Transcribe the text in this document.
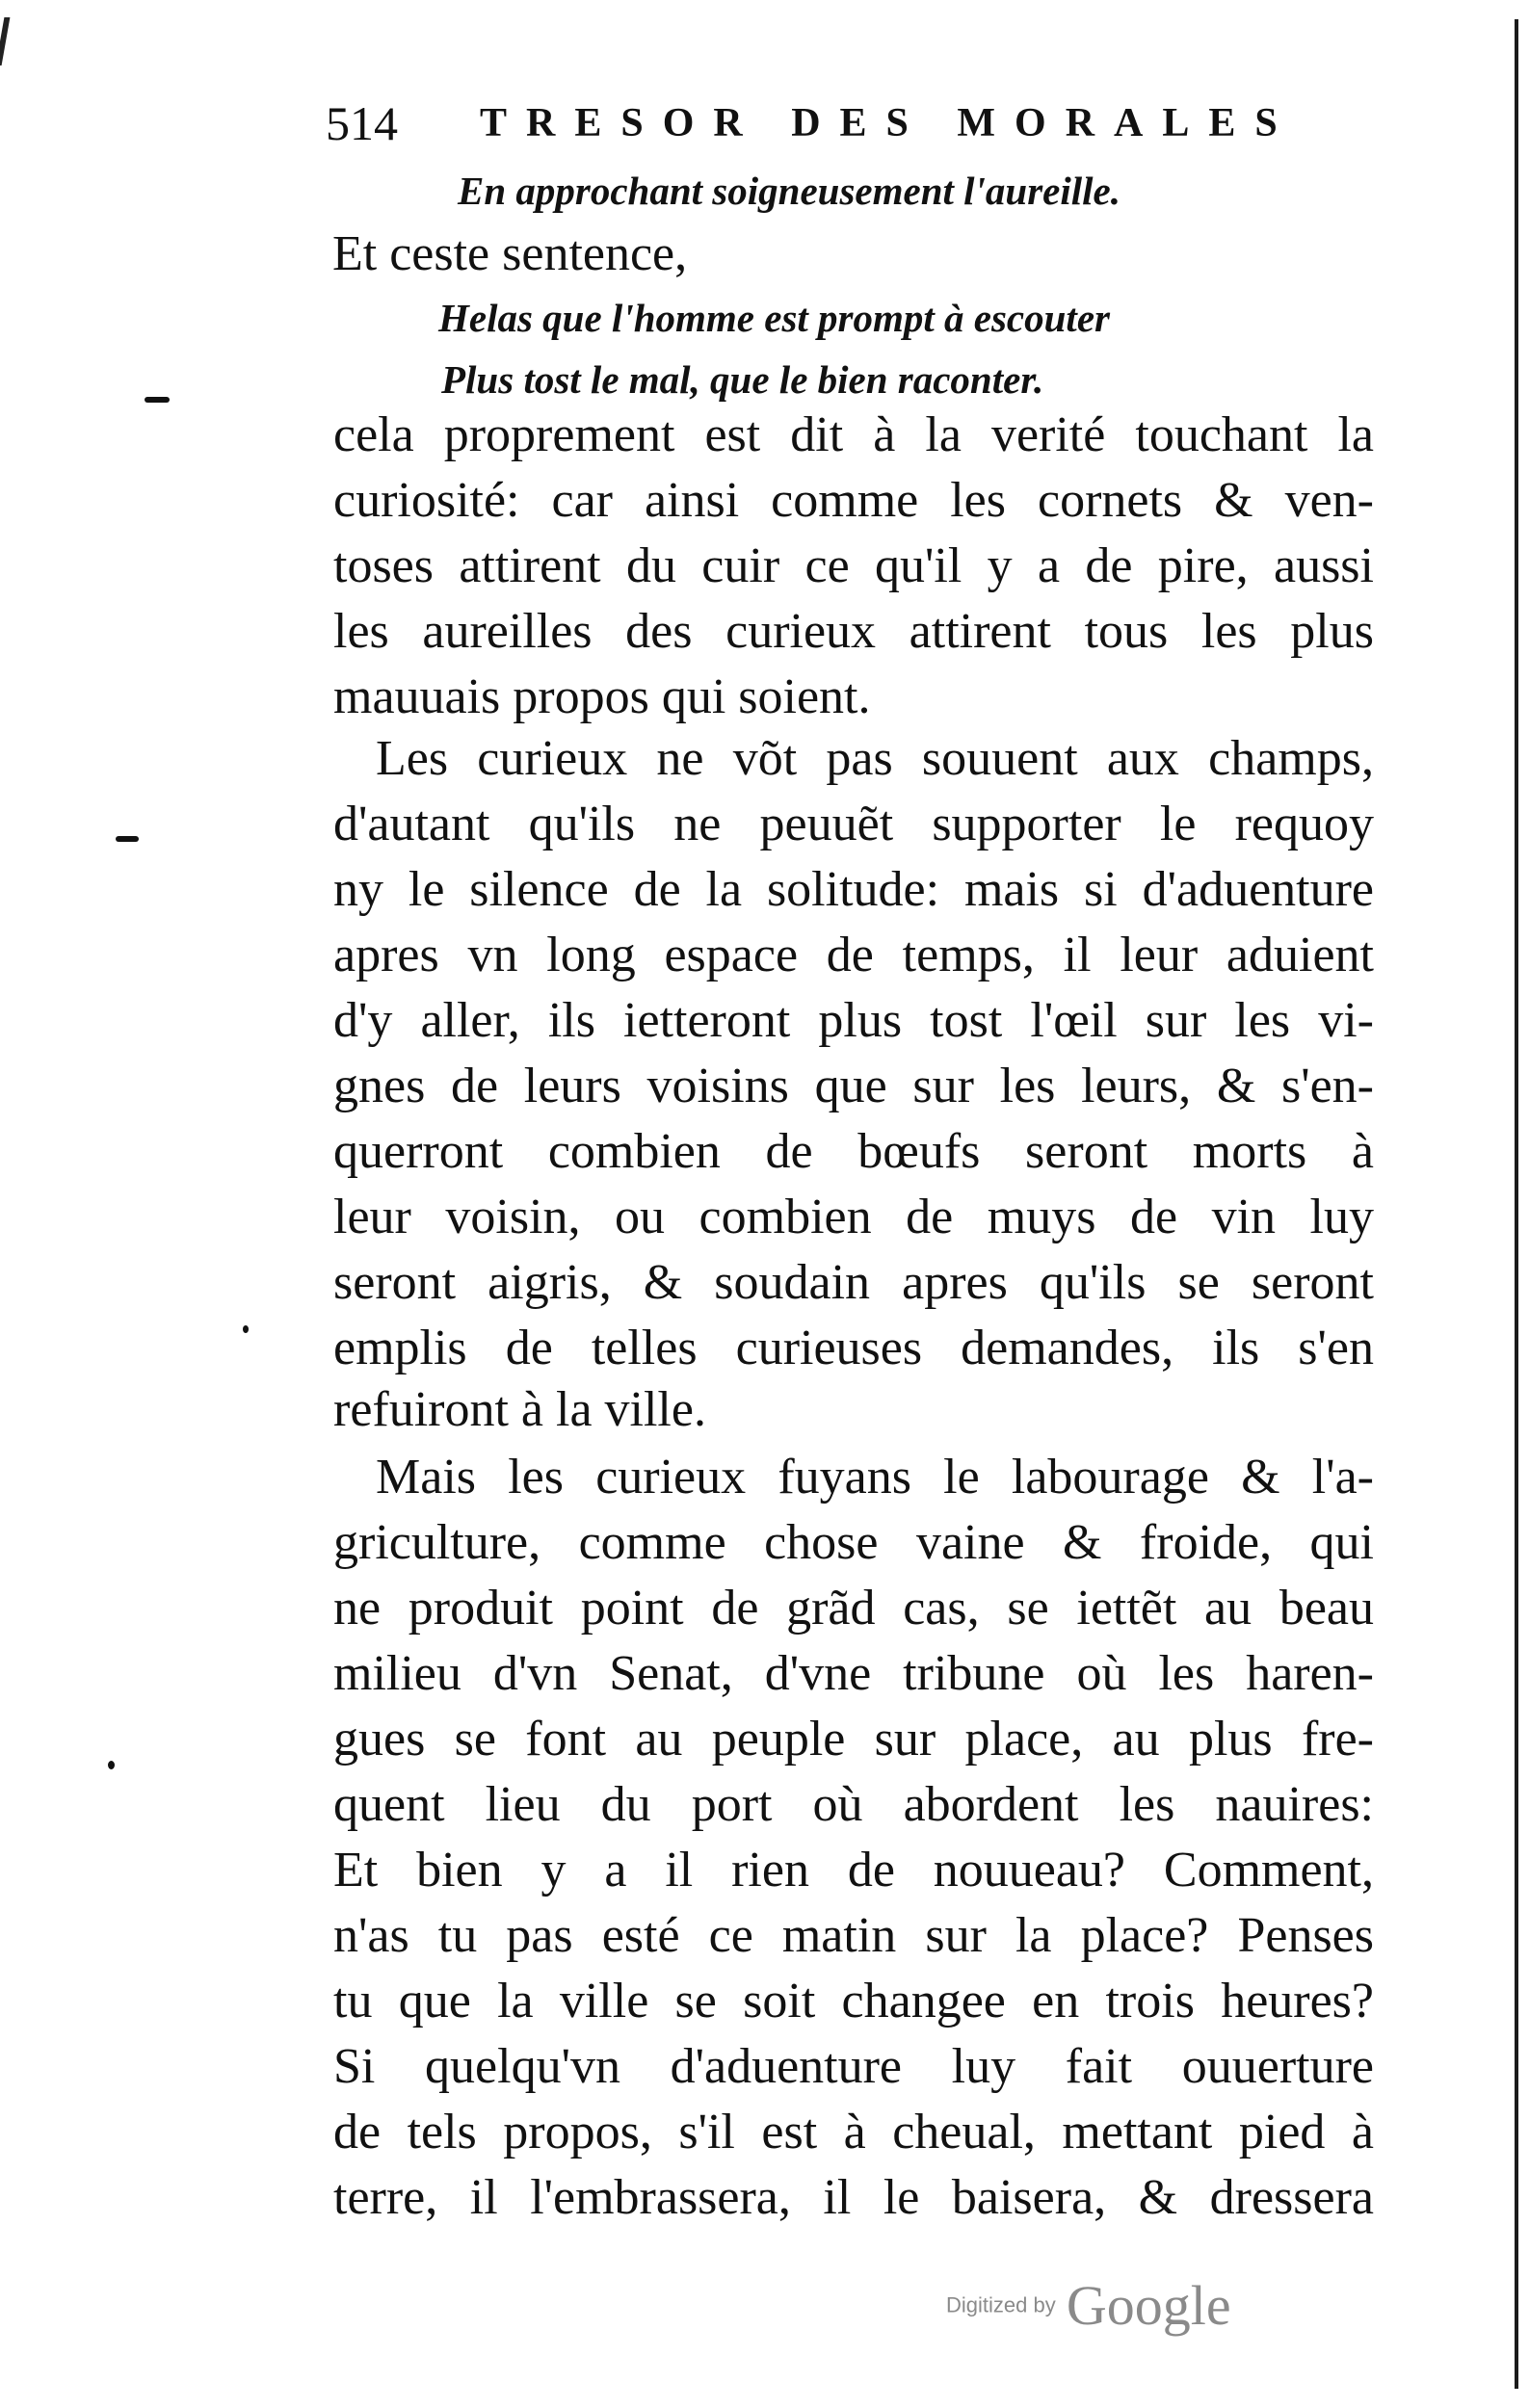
514 TRESOR DES MORALES
En approchant soigneusement l'aureille.
Et ceste sentence,
Helas que l'homme est prompt à escouter
Plus tost le mal, que le bien raconter.
cela proprement est dit à la verité touchant la
curiosité: car ainsi comme les cornets & ven-
toses attirent du cuir ce qu'il y a de pire, aussi
les aureilles des curieux attirent tous les plus
mauuais propos qui soient.
Les curieux ne võt pas souuent aux champs,
d'autant qu'ils ne peuuẽt supporter le requoy
ny le silence de la solitude: mais si d'aduenture
apres vn long espace de temps, il leur aduient
d'y aller, ils ietteront plus tost l'œil sur les vi-
gnes de leurs voisins que sur les leurs, & s'en-
querront combien de bœufs seront morts à
leur voisin, ou combien de muys de vin luy
seront aigris, & soudain apres qu'ils se seront
emplis de telles curieuses demandes, ils s'en
refuiront à la ville.
Mais les curieux fuyans le labourage & l'a-
griculture, comme chose vaine & froide, qui
ne produit point de grãd cas, se iettẽt au beau
milieu d'vn Senat, d'vne tribune où les haren-
gues se font au peuple sur place, au plus fre-
quent lieu du port où abordent les nauires:
Et bien y a il rien de nouueau? Comment,
n'as tu pas esté ce matin sur la place? Penses
tu que la ville se soit changee en trois heures?
Si quelqu'vn d'aduenture luy fait ouuerture
de tels propos, s'il est à cheual, mettant pied à
terre, il l'embrassera, il le baisera, & dressera
Digitized by Google
